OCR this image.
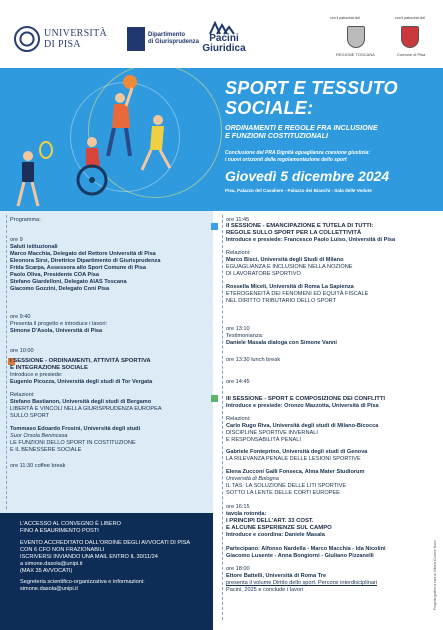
UNIVERSITÀ
DI PISA
Dipartimento
di Giurisprudenza	Pacini
Giuridica
con il patrocinio del
REGIONE TOSCANA
con il patrocinio del
Comune di Pisa
SPORT E TESSUTO
SOCIALE:
ORDINAMENTI E REGOLE FRA INCLUSIONE
E FUNZIONI COSTITUZIONALI
Conclusione del PRA Dignità eguaglianza coesione giustizia:
i nuovi orizzonti della regolamentazione dello sport
Giovedì 5 dicembre 2024
Pisa, Palazzo del Cavaliere - Palazzo dei Bianchi - Sala delle Vedute
L'ACCESSO AL CONVEGNO È LIBERO
FINO A ESAURIMENTO POSTI
EVENTO ACCREDITATO DALL'ORDINE DEGLI AVVOCATI DI PISA
CON 6 CFO NON FRAZIONABILI
ISCRIVERSI INVIANDO UNA MAIL ENTRO IL 30/11/24
a simone.dasola@unipi.it
(MAX 35 AVVOCATI)
Segreteria scientifico-organizzativa e informazioni:
simone.dasola@unipi.it
Programma:
ore 9
Saluti istituzionali
Marco Macchia, Delegato del Rettore Università di Pisa
Eleonora Sirsi, Direttrice Dipartimento di Giurisprudenza
Frida Scarpa, Assessora allo Sport Comune di Pisa
Paolo Oliva, Presidente COA Pisa
Stefano Giardelloni, Delegato AIAS Toscana
Giacomo Gozzini, Delegato Coni Pisa
ore 9:40
Presenta il progetto e introduce i lavori:
Simone D'Asola, Università di Pisa
ore 10:00
I SESSIONE - ORDINAMENTI, ATTIVITÀ SPORTIVA
E INTEGRAZIONE SOCIALE
Introduce e presiede:
Eugenio Picozza, Università degli studi di Tor Vergata
Relazioni:
Stefano Bastianon, Università degli studi di Bergamo
LIBERTÀ E VINCOLI NELLA GIURISPRUDENZA EUROPEA
SULLO SPORT
Tommaso Edoardo Frosini, Università degli studi
Suor Orsola Benincasa
LE FUNZIONI DELLO SPORT IN COSTITUZIONE
E IL BENESSERE SOCIALE
ore 11:30 coffee break
ore 11:45
II SESSIONE - EMANCIPAZIONE E TUTELA DI TUTTI:
REGOLE SULLO SPORT PER LA COLLETTIVITÀ
Introduce e presiede: Francesco Paolo Luiso, Università di Pisa
Relazioni:
Marco Bisci, Università degli Studi di Milano
EGUAGLIANZA E INCLUSIONE NELLA NOZIONE
DI LAVORATORE SPORTIVO
Rossella Miceli, Università di Roma La Sapienza
ETEROGENEITÀ DEI FENOMENI ED EQUITÀ FISCALE
NEL DIRITTO TRIBUTARIO DELLO SPORT
ore 13:10
Testimonianza:
Daniele Masala dialoga con Simone Vanni
ore 13:30 lunch break
ore 14:45
III SESSIONE - SPORT E COMPOSIZIONE DEI CONFLITTI
Introduce e presiede: Oronzo Mazzotta, Università di Pisa
Relazioni:
Carlo Rugo Riva, Università degli studi di Milano-Bicocca
DISCIPLINE SPORTIVE INVERNALI
E RESPONSABILITÀ PENALI
Gabriele Fonteprino, Università degli studi di Genova
LA RILEVANZA PENALE DELLE LESIONI SPORTIVE
Elena Zucconi Galli Fonseca, Alma Mater Studiorum
Università di Bologna
IL TAS: LA SOLUZIONE DELLE LITI SPORTIVE
SOTTO LA LENTE DELLE CORTI EUROPEE
ore 16:15
tavola rotonda:
I PRINCIPI DELL'ART. 33 COST.
E ALCUNE ESPERIENZE SUL CAMPO
Introduce e coordina: Daniele Masala
Partecipano: Alfonso Nardella - Marco Macchia - Ida Nicolini
Giacomo Lusente - Anna Bongiorni - Giuliano Pizzanelli
ore 18:00
Ettore Battelli, Università di Roma Tre
presenta il volume Diritto dello sport. Percorsi interdisciplinari
Pacini, 2025 e conclude i lavori	Progetto grafico a cura di Vittoria Ciccone Nucci
